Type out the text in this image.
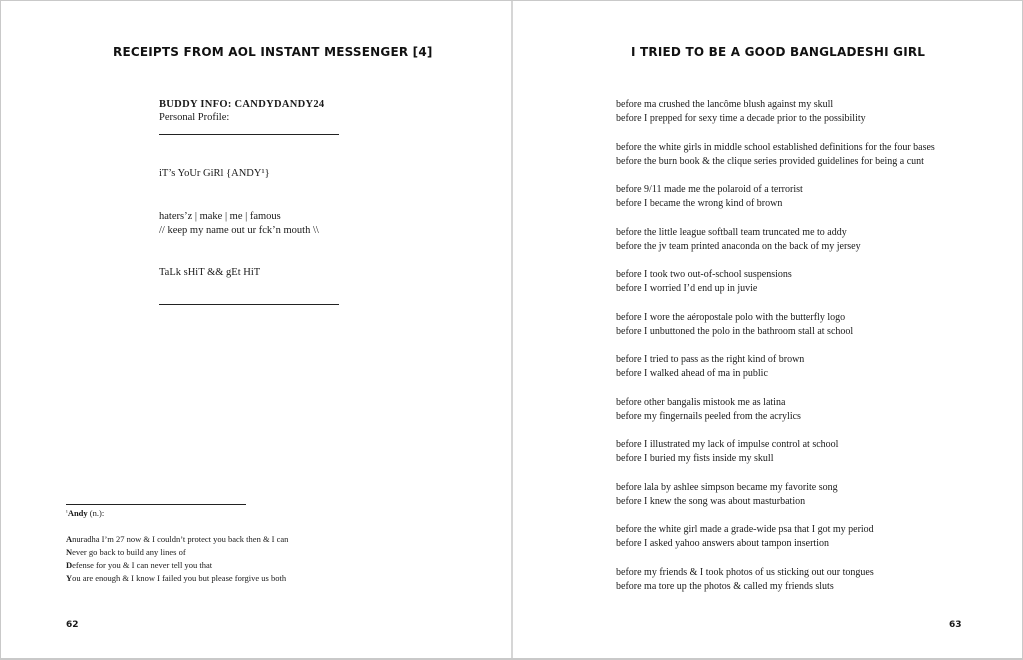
RECEIPTS FROM AOL INSTANT MESSENGER [4]
BUDDY INFO: CANDYDANDY24
Personal Profile:
iT’s YoUr GiRl {ANDY¹}
haters’z | make | me | famous
// keep my name out ur fck’n mouth \\
TaLk sHiT && gEt HiT
$^{^1}$Andy (n.):
Anuradha I’m 27 now & I couldn’t protect you back then & I can
Never go back to build any lines of
Defense for you & I can never tell you that
You are enough & I know I failed you but please forgive us both
62
I TRIED TO BE A GOOD BANGLADESHI GIRL
before ma crushed the lancôme blush against my skull
before I prepped for sexy time a decade prior to the possibility
before the white girls in middle school established definitions for the four bases
before the burn book & the clique series provided guidelines for being a cunt
before 9/11 made me the polaroid of a terrorist
before I became the wrong kind of brown
before the little league softball team truncated me to addy
before the jv team printed anaconda on the back of my jersey
before I took two out-of-school suspensions
before I worried I’d end up in juvie
before I wore the aéropostale polo with the butterfly logo
before I unbuttoned the polo in the bathroom stall at school
before I tried to pass as the right kind of brown
before I walked ahead of ma in public
before other bangalis mistook me as latina
before my fingernails peeled from the acrylics
before I illustrated my lack of impulse control at school
before I buried my fists inside my skull
before lala by ashlee simpson became my favorite song
before I knew the song was about masturbation
before the white girl made a grade-wide psa that I got my period
before I asked yahoo answers about tampon insertion
before my friends & I took photos of us sticking out our tongues
before ma tore up the photos & called my friends sluts
63
